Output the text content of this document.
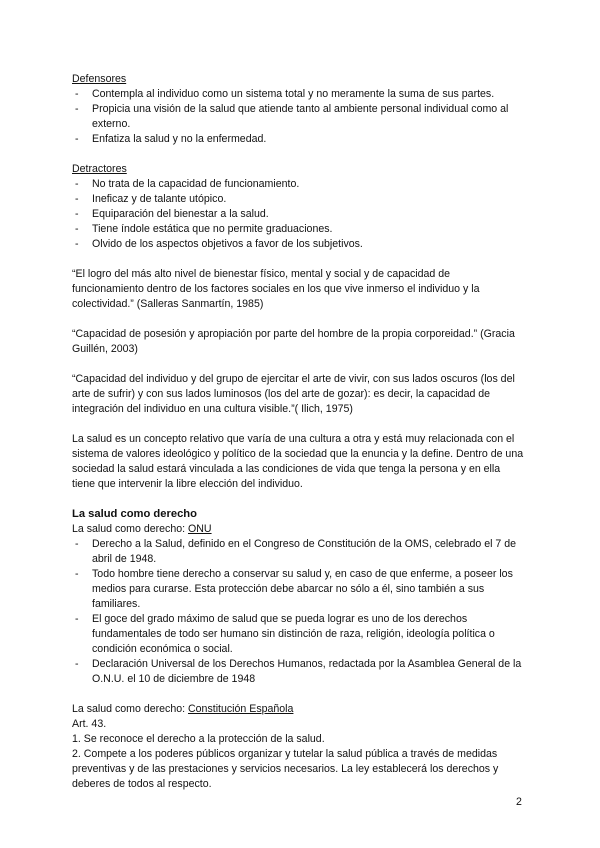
Defensores
- Contempla al individuo como un sistema total y no meramente la suma de sus partes.
- Propicia una visión de la salud que atiende tanto al ambiente personal individual como al externo.
- Enfatiza la salud y no la enfermedad.
Detractores
- No trata de la capacidad de funcionamiento.
- Ineficaz y de talante utópico.
- Equiparación del bienestar a la salud.
- Tiene índole estática que no permite graduaciones.
- Olvido de los aspectos objetivos a favor de los subjetivos.

“El logro del más alto nivel de bienestar físico, mental y social y de capacidad de funcionamiento dentro de los factores sociales en los que vive inmerso el individuo y la colectividad.” (Salleras Sanmartín, 1985)

“Capacidad de posesión y apropiación por parte del hombre de la propia corporeidad.” (Gracia Guillén, 2003)

“Capacidad del individuo y del grupo de ejercitar el arte de vivir, con sus lados oscuros (los del arte de sufrir) y con sus lados luminosos (los del arte de gozar): es decir, la capacidad de integración del individuo en una cultura visible.”( Ilich, 1975)

La salud es un concepto relativo que varía de una cultura a otra y está muy relacionada con el sistema de valores ideológico y político de la sociedad que la enuncia y la define. Dentro de una sociedad la salud estará vinculada a las condiciones de vida que tenga la persona y en ella tiene que intervenir la libre elección del individuo.

La salud como derecho
La salud como derecho: ONU
- Derecho a la Salud, definido en el Congreso de Constitución de la OMS, celebrado el 7 de abril de 1948.
- Todo hombre tiene derecho a conservar su salud y, en caso de que enferme, a poseer los medios para curarse. Esta protección debe abarcar no sólo a él, sino también a sus familiares.
- El goce del grado máximo de salud que se pueda lograr es uno de los derechos fundamentales de todo ser humano sin distinción de raza, religión, ideología política o condición económica o social.
- Declaración Universal de los Derechos Humanos, redactada por la Asamblea General de la O.N.U. el 10 de diciembre de 1948
La salud como derecho: Constitución Española
Art. 43.

1. Se reconoce el derecho a la protección de la salud.

2. Compete a los poderes públicos organizar y tutelar la salud pública a través de medidas preventivas y de las prestaciones y servicios necesarios. La ley establecerá los derechos y deberes de todos al respecto.

2
